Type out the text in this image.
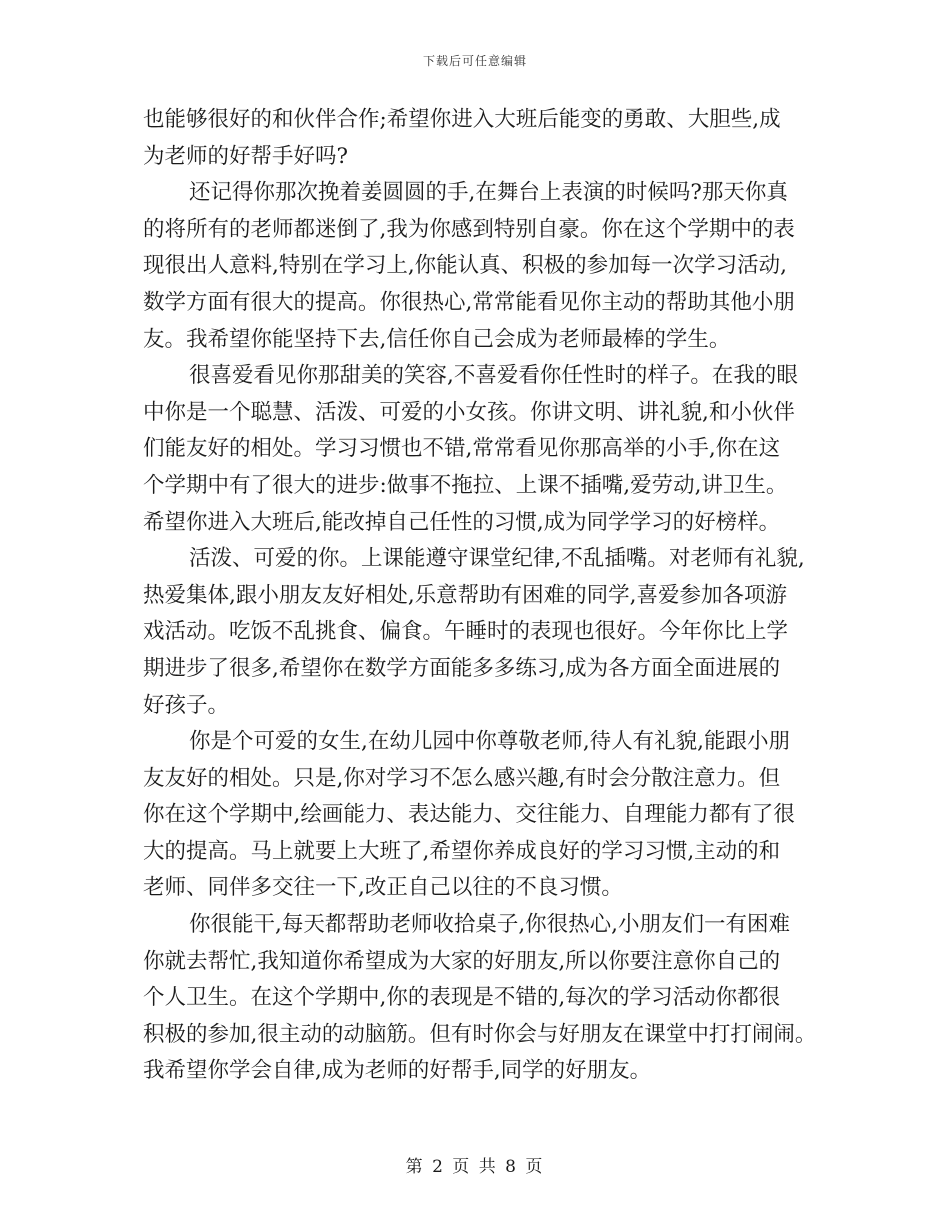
下载后可任意编辑
也能够很好的和伙伴合作;希望你进入大班后能变的勇敢、大胆些,成
为老师的好帮手好吗?
还记得你那次挽着姜圆圆的手,在舞台上表演的时候吗?那天你真
的将所有的老师都迷倒了,我为你感到特别自豪。你在这个学期中的表
现很出人意料,特别在学习上,你能认真、积极的参加每一次学习活动,
数学方面有很大的提高。你很热心,常常能看见你主动的帮助其他小朋
友。我希望你能坚持下去,信任你自己会成为老师最棒的学生。
很喜爱看见你那甜美的笑容,不喜爱看你任性时的样子。在我的眼
中你是一个聪慧、活泼、可爱的小女孩。你讲文明、讲礼貌,和小伙伴
们能友好的相处。学习习惯也不错,常常看见你那高举的小手,你在这
个学期中有了很大的进步:做事不拖拉、上课不插嘴,爱劳动,讲卫生。
希望你进入大班后,能改掉自己任性的习惯,成为同学学习的好榜样。
活泼、可爱的你。上课能遵守课堂纪律,不乱插嘴。对老师有礼貌,
热爱集体,跟小朋友友好相处,乐意帮助有困难的同学,喜爱参加各项游
戏活动。吃饭不乱挑食、偏食。午睡时的表现也很好。今年你比上学
期进步了很多,希望你在数学方面能多多练习,成为各方面全面进展的
好孩子。
你是个可爱的女生,在幼儿园中你尊敬老师,待人有礼貌,能跟小朋
友友好的相处。只是,你对学习不怎么感兴趣,有时会分散注意力。但
你在这个学期中,绘画能力、表达能力、交往能力、自理能力都有了很
大的提高。马上就要上大班了,希望你养成良好的学习习惯,主动的和
老师、同伴多交往一下,改正自己以往的不良习惯。
你很能干,每天都帮助老师收拾桌子,你很热心,小朋友们一有困难
你就去帮忙,我知道你希望成为大家的好朋友,所以你要注意你自己的
个人卫生。在这个学期中,你的表现是不错的,每次的学习活动你都很
积极的参加,很主动的动脑筋。但有时你会与好朋友在课堂中打打闹闹。
我希望你学会自律,成为老师的好帮手,同学的好朋友。
第 2 页 共 8 页
